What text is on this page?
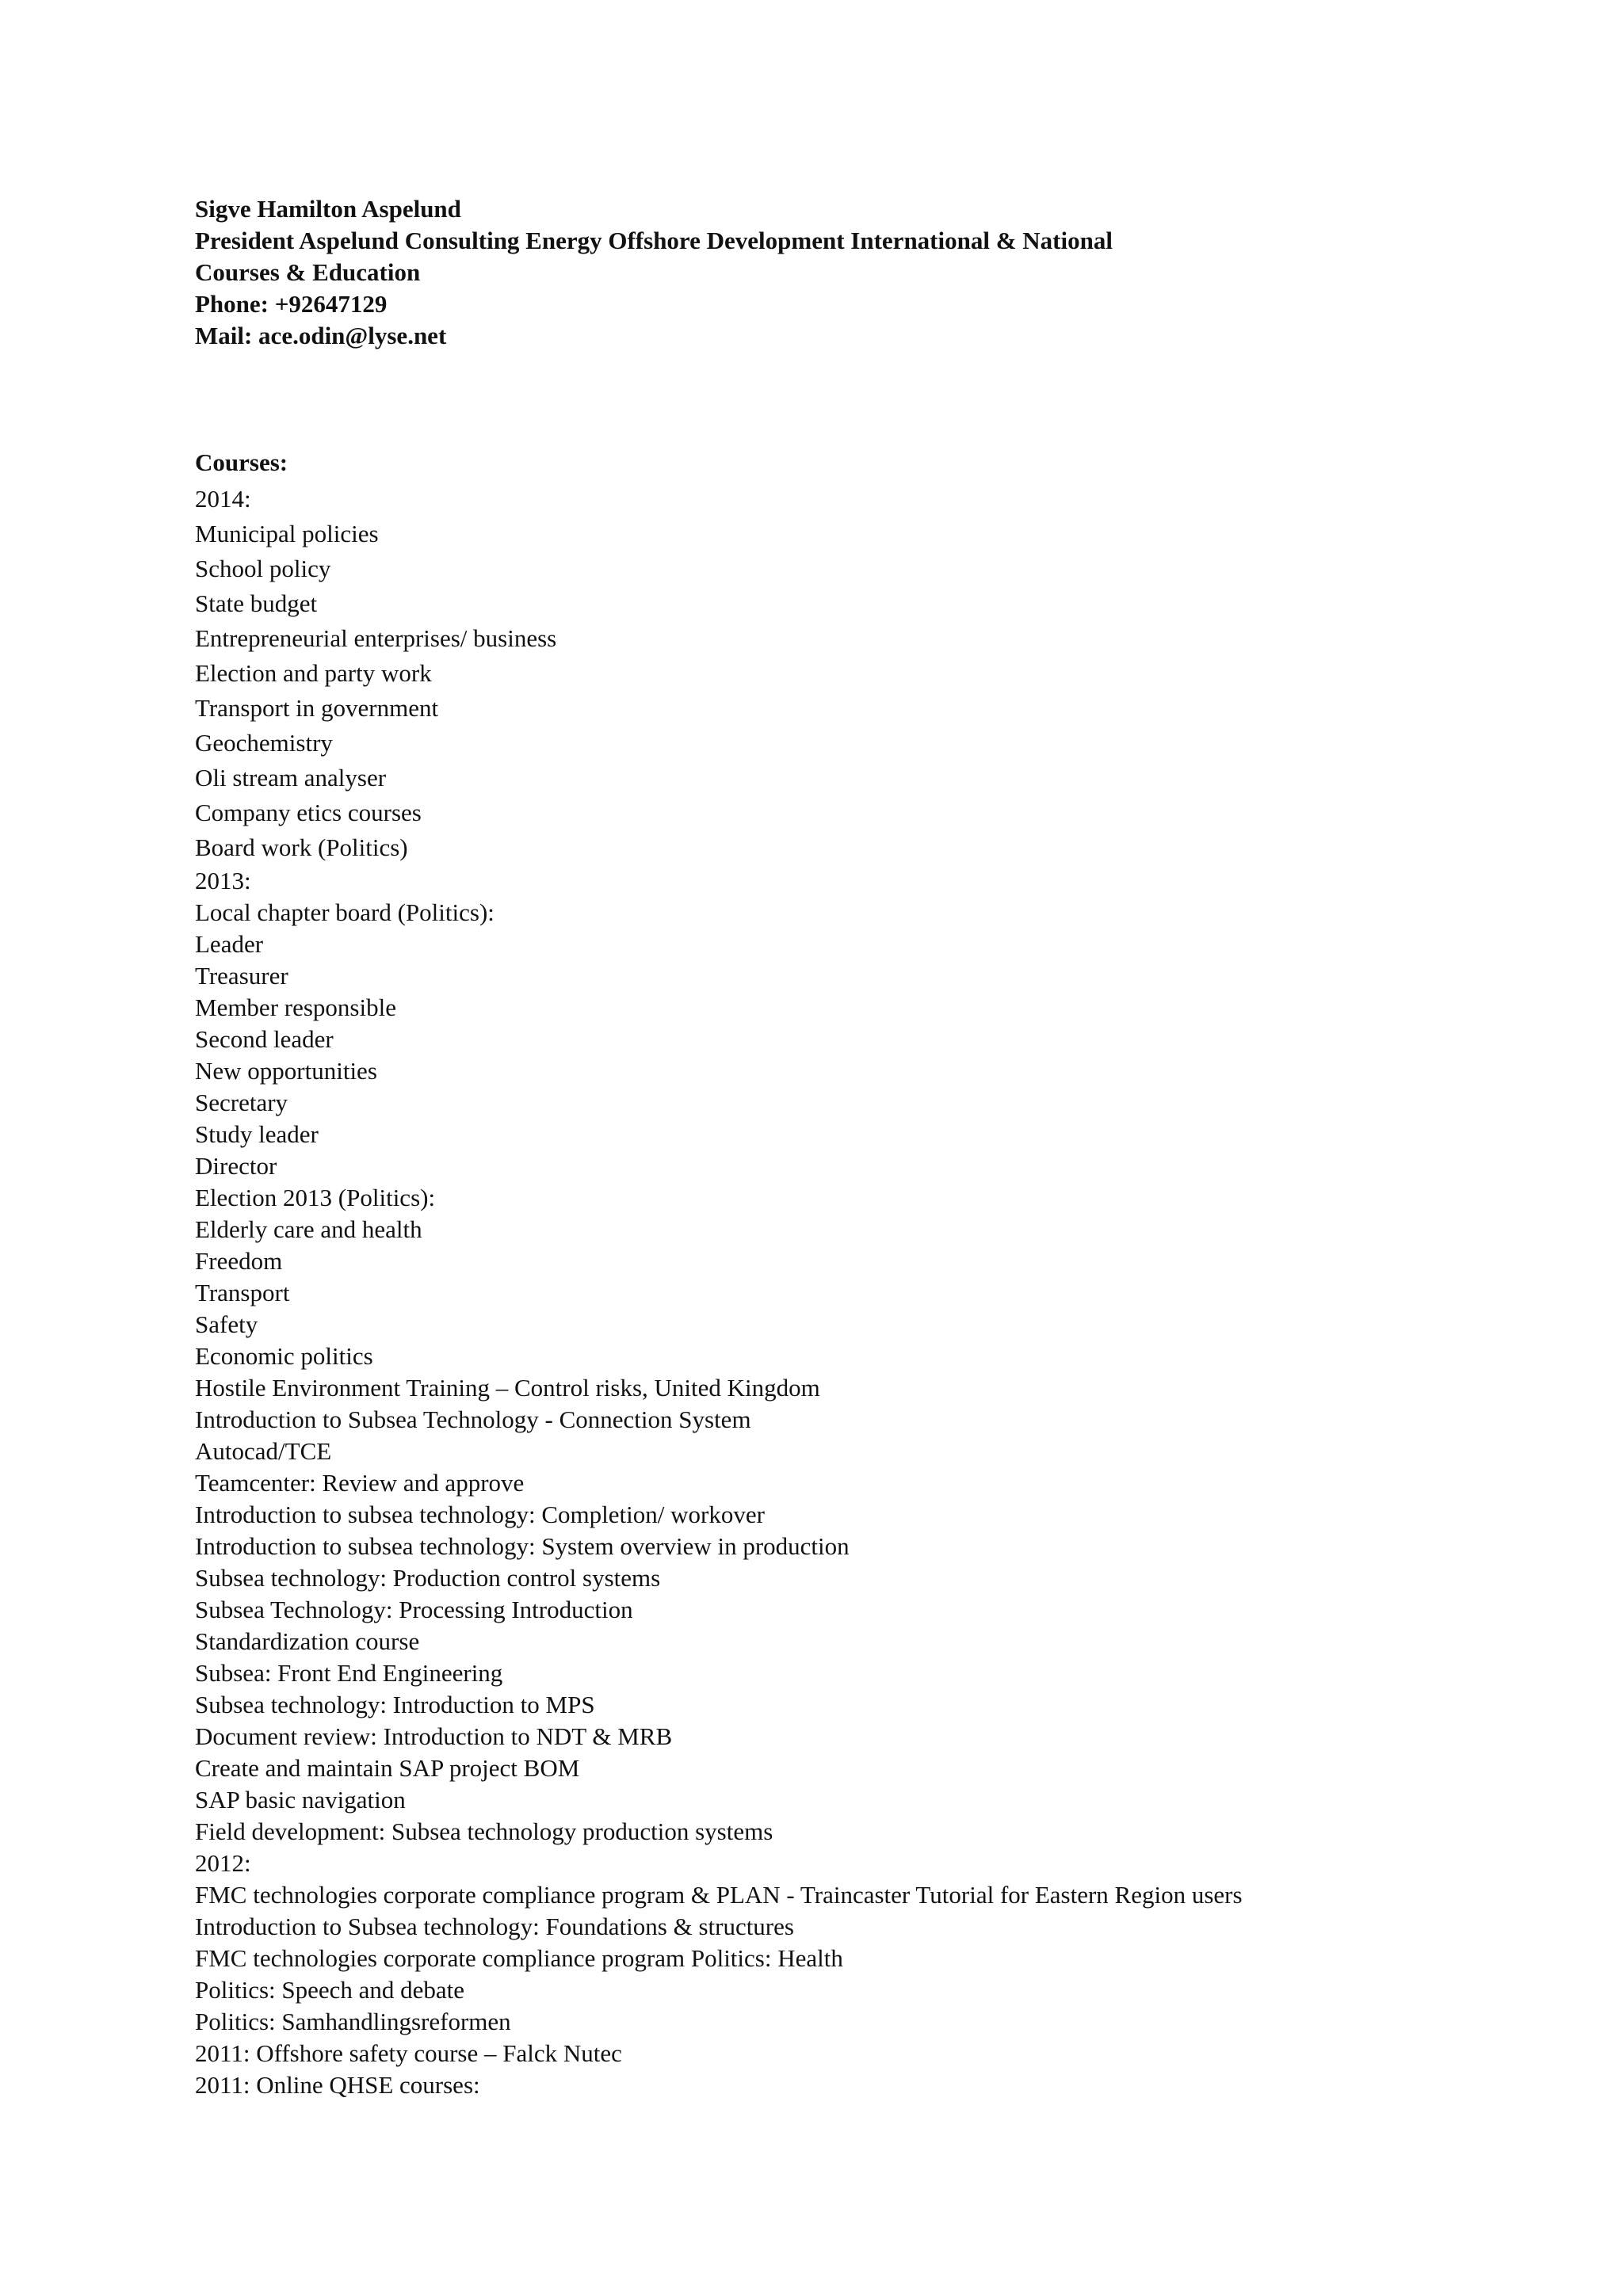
Sigve Hamilton Aspelund
President Aspelund Consulting Energy Offshore Development International & National
Courses & Education
Phone: +92647129
Mail: ace.odin@lyse.net
Courses:
2014:
Municipal policies
School policy
State budget
Entrepreneurial enterprises/ business
Election and party work
Transport in government
Geochemistry
Oli stream analyser
Company etics courses
Board work (Politics)
2013:
Local chapter board (Politics):
Leader
Treasurer
Member responsible
Second leader
New opportunities
Secretary
Study leader
Director
Election 2013 (Politics):
Elderly care and health
Freedom
Transport
Safety
Economic politics
Hostile Environment Training – Control risks, United Kingdom
Introduction to Subsea Technology - Connection System
Autocad/TCE
Teamcenter: Review and approve
Introduction to subsea technology: Completion/ workover
Introduction to subsea technology: System overview in production
Subsea technology: Production control systems
Subsea Technology: Processing Introduction
Standardization course
Subsea: Front End Engineering
Subsea technology: Introduction to MPS
Document review: Introduction to NDT & MRB
Create and maintain SAP project BOM
SAP basic navigation
Field development: Subsea technology production systems
2012:
FMC technologies corporate compliance program & PLAN - Traincaster Tutorial for Eastern Region users
Introduction to Subsea technology: Foundations & structures
FMC technologies corporate compliance program Politics: Health
Politics: Speech and debate
Politics: Samhandlingsreformen
2011: Offshore safety course – Falck Nutec
2011: Online QHSE courses:
